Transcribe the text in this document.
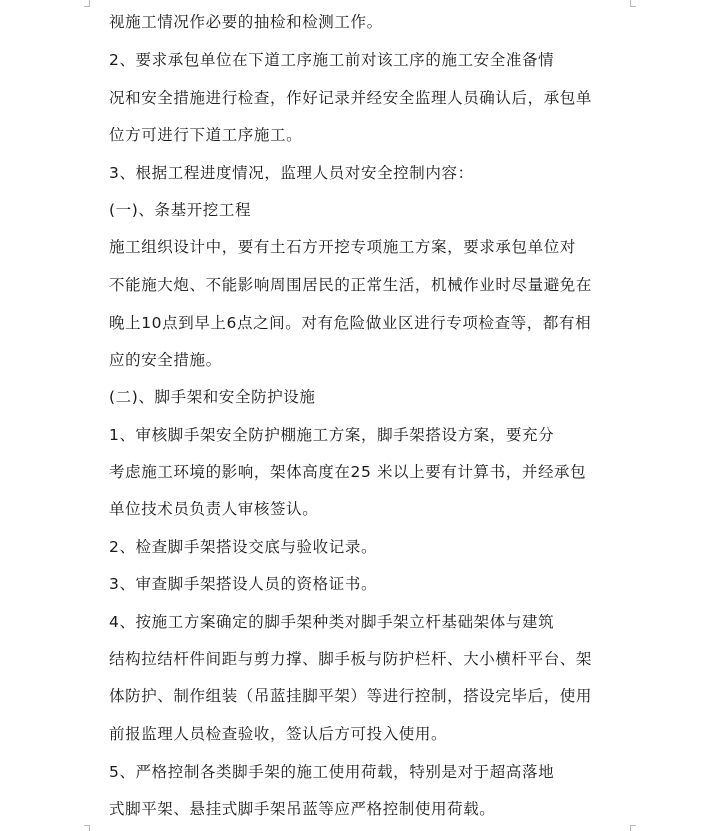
视施工情况作必要的抽检和检测工作。
2、要求承包单位在下道工序施工前对该工序的施工安全准备情
况和安全措施进行检查，作好记录并经安全监理人员确认后，承包单
位方可进行下道工序施工。
3、根据工程进度情况，监理人员对安全控制内容：
(一)、条基开挖工程
施工组织设计中，要有土石方开挖专项施工方案，要求承包单位对
不能施大炮、不能影响周围居民的正常生活，机械作业时尽量避免在
晚上10点到早上6点之间。对有危险做业区进行专项检查等，都有相
应的安全措施。
(二)、脚手架和安全防护设施
1、审核脚手架安全防护棚施工方案，脚手架搭设方案，要充分
考虑施工环境的影响，架体高度在25 米以上要有计算书，并经承包
单位技术员负责人审核签认。
2、检查脚手架搭设交底与验收记录。
3、审查脚手架搭设人员的资格证书。
4、按施工方案确定的脚手架种类对脚手架立杆基础架体与建筑
结构拉结杆件间距与剪力撑、脚手板与防护栏杆、大小横杆平台、架
体防护、制作组装（吊蓝挂脚平架）等进行控制，搭设完毕后，使用
前报监理人员检查验收，签认后方可投入使用。
5、严格控制各类脚手架的施工使用荷载，特别是对于超高落地
式脚平架、悬挂式脚手架吊蓝等应严格控制使用荷载。
